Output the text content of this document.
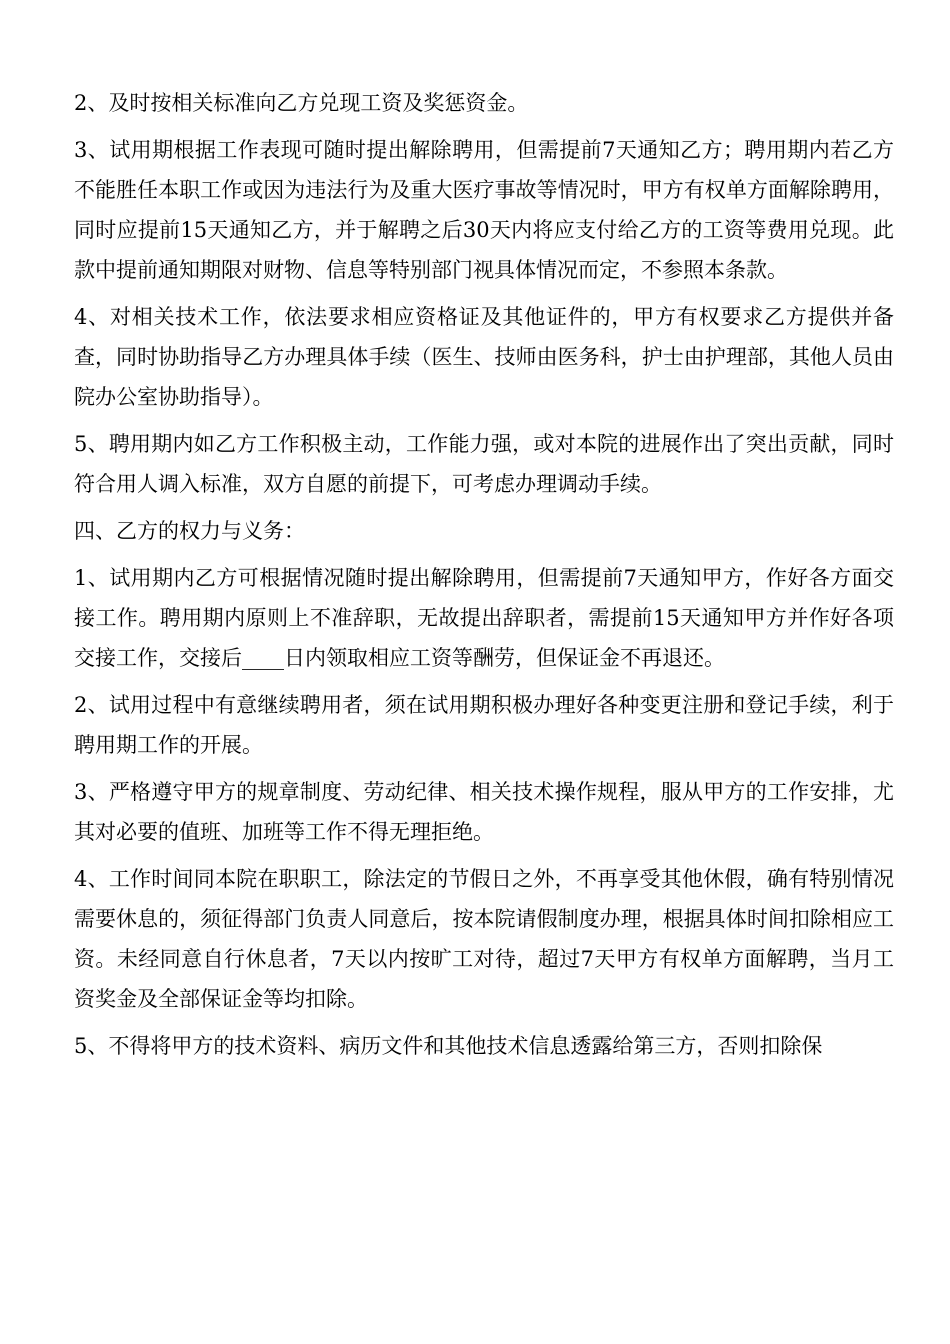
2、及时按相关标准向乙方兑现工资及奖惩资金。

3、试用期根据工作表现可随时提出解除聘用，但需提前7天通知乙方；聘用期内若乙方不能胜任本职工作或因为违法行为及重大医疗事故等情况时，甲方有权单方面解除聘用，同时应提前15天通知乙方，并于解聘之后30天内将应支付给乙方的工资等费用兑现。此款中提前通知期限对财物、信息等特别部门视具体情况而定，不参照本条款。

4、对相关技术工作，依法要求相应资格证及其他证件的，甲方有权要求乙方提供并备查，同时协助指导乙方办理具体手续（医生、技师由医务科，护士由护理部，其他人员由院办公室协助指导）。

5、聘用期内如乙方工作积极主动，工作能力强，或对本院的进展作出了突出贡献，同时符合用人调入标准，双方自愿的前提下，可考虑办理调动手续。

四、乙方的权力与义务：

1、试用期内乙方可根据情况随时提出解除聘用，但需提前7天通知甲方，作好各方面交接工作。聘用期内原则上不准辞职，无故提出辞职者，需提前15天通知甲方并作好各项交接工作，交接后____日内领取相应工资等酬劳，但保证金不再退还。

2、试用过程中有意继续聘用者，须在试用期积极办理好各种变更注册和登记手续，利于聘用期工作的开展。

3、严格遵守甲方的规章制度、劳动纪律、相关技术操作规程，服从甲方的工作安排，尤其对必要的值班、加班等工作不得无理拒绝。

4、工作时间同本院在职职工，除法定的节假日之外，不再享受其他休假，确有特别情况需要休息的，须征得部门负责人同意后，按本院请假制度办理，根据具体时间扣除相应工资。未经同意自行休息者，7天以内按旷工对待，超过7天甲方有权单方面解聘，当月工资奖金及全部保证金等均扣除。

5、不得将甲方的技术资料、病历文件和其他技术信息透露给第三方，否则扣除保
